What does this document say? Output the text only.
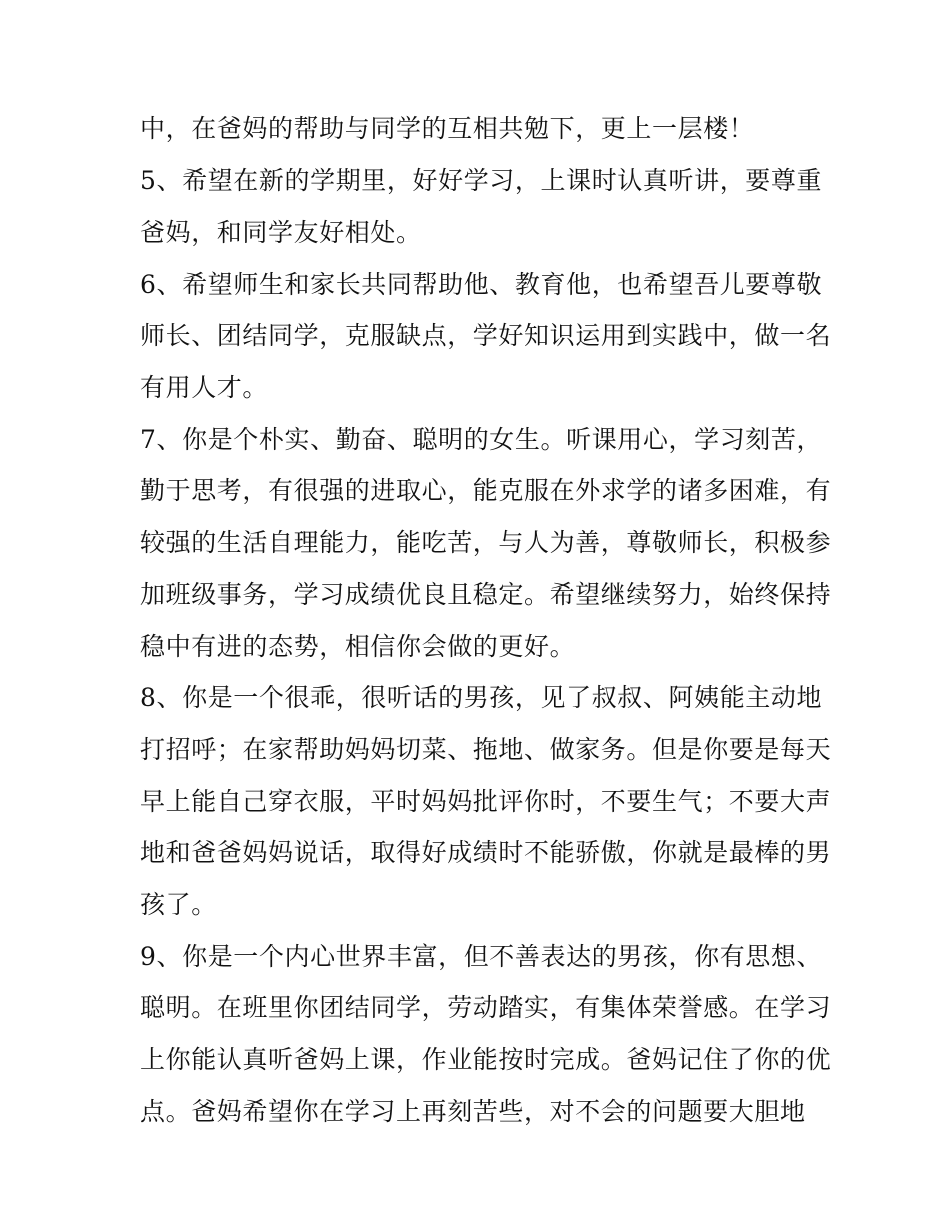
中，在爸妈的帮助与同学的互相共勉下，更上一层楼！
5、希望在新的学期里，好好学习，上课时认真听讲，要尊重
爸妈，和同学友好相处。
6、希望师生和家长共同帮助他、教育他，也希望吾儿要尊敬
师长、团结同学，克服缺点，学好知识运用到实践中，做一名
有用人才。
7、你是个朴实、勤奋、聪明的女生。听课用心，学习刻苦，
勤于思考，有很强的进取心，能克服在外求学的诸多困难，有
较强的生活自理能力，能吃苦，与人为善，尊敬师长，积极参
加班级事务，学习成绩优良且稳定。希望继续努力，始终保持
稳中有进的态势，相信你会做的更好。
8、你是一个很乖，很听话的男孩，见了叔叔、阿姨能主动地
打招呼；在家帮助妈妈切菜、拖地、做家务。但是你要是每天
早上能自己穿衣服，平时妈妈批评你时，不要生气；不要大声
地和爸爸妈妈说话，取得好成绩时不能骄傲，你就是最棒的男
孩了。
9、你是一个内心世界丰富，但不善表达的男孩，你有思想、
聪明。在班里你团结同学，劳动踏实，有集体荣誉感。在学习
上你能认真听爸妈上课，作业能按时完成。爸妈记住了你的优
点。爸妈希望你在学习上再刻苦些，对不会的问题要大胆地
